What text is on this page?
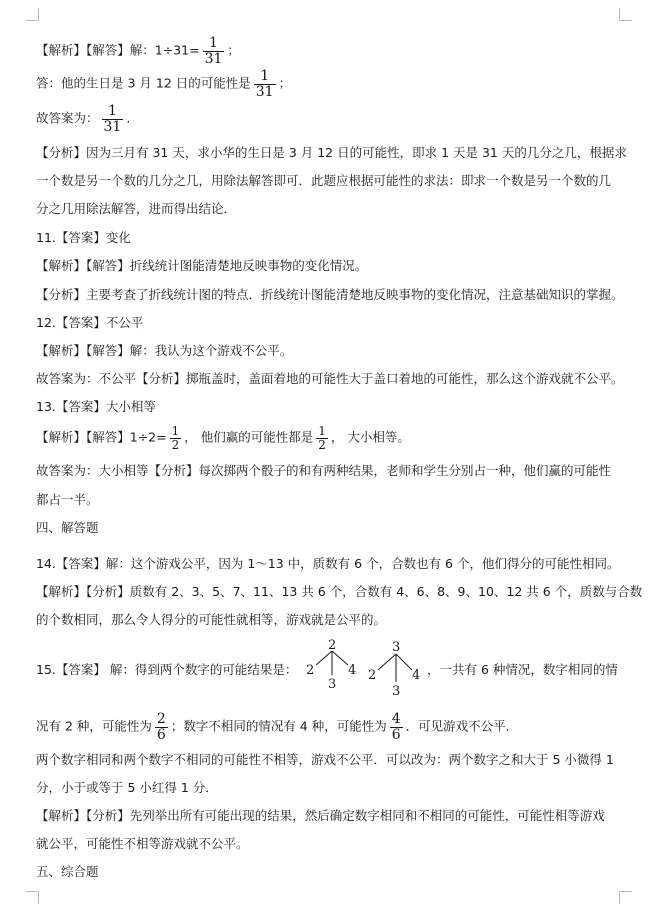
【解析】【解答】解：$1\div 31= \frac{1}{31}$ ；
答：他的生日是 3 月 12 日的可能性是 $\frac{1}{31}$ ；
故答案为： $\frac{1}{31}$ .
【分析】因为三月有 31 天，求小华的生日是 3 月 12 日的可能性，即求 1 天是 31 天的几分之几，根据求
一个数是另一个数的几分之几，用除法解答即可．此题应根据可能性的求法：即求一个数是另一个数的几
分之几用除法解答，进而得出结论．
11.【答案】变化
【解析】【解答】折线统计图能清楚地反映事物的变化情况。
【分析】主要考查了折线统计图的特点．折线统计图能清楚地反映事物的变化情况，注意基础知识的掌握。
12.【答案】不公平
【解析】【解答】解：我认为这个游戏不公平。
故答案为：不公平【分析】掷瓶盖时，盖面着地的可能性大于盖口着地的可能性，那么这个游戏就不公平。
13.【答案】大小相等
【解析】【解答】$1\div 2= \frac{1}{2}$ ， 他们赢的可能性都是 $\frac{1}{2}$ ， 大小相等。
故答案为：大小相等【分析】每次掷两个骰子的和有两种结果，老师和学生分别占一种，他们赢的可能性
都占一半。
四、解答题
14.【答案】解：这个游戏公平，因为 1～13 中，质数有 6 个，合数也有 6 个，他们得分的可能性相同。
【解析】【分析】质数有 2、3、5、7、11、13 共 6 个，合数有 4、6、8、9、10、12 共 6 个，质数与合数
的个数相同，那么令人得分的可能性就相等，游戏就是公平的。
15.【答案】 解：得到两个数字的可能结果是：
2
2	4
3
3
2	4
3
，一共有 6 种情况，数字相同的情
况有 2 种，可能性为 $\frac{2}{6}$ ；数字不相同的情况有 4 种，可能性为 $\frac{4}{6}$ ．可见游戏不公平．
两个数字相同和两个数字不相同的可能性不相等，游戏不公平．可以改为：两个数字之和大于 5 小微得 1
分，小于或等于 5 小红得 1 分．
【解析】【分析】先列举出所有可能出现的结果，然后确定数字相同和不相同的可能性，可能性相等游戏
就公平，可能性不相等游戏就不公平。
五、综合题
